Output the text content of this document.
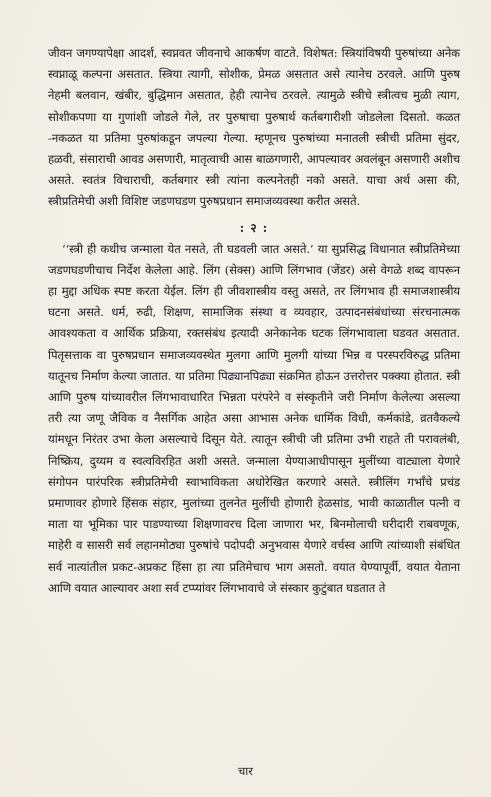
जीवन जगण्यापेक्षा आदर्श, स्वप्नवत जीवनाचे आकर्षण वाटते. विशेषत: स्त्रियांविषयी पुरुषांच्या अनेक स्वप्नाळू कल्पना असतात. स्त्रिया त्यागी, सोशीक, प्रेमळ असतात असे त्यानेच ठरवले. आणि पुरुष नेहमी बलवान, खंबीर, बुद्धिमान असतात, हेही त्यानेच ठरवले. त्यामुळे स्त्रीचे स्त्रीत्वच मुळी त्याग, सोशीकपणा या गुणांशी जोडले गेले, तर पुरुषाचा पुरुषार्थ कर्तबगारीशी जोडलेला दिसतो. कळत -नकळत या प्रतिमा पुरुषांकडून जपल्या गेल्या. म्हणूनच पुरुषांच्या मनातली स्त्रीची प्रतिमा सुंदर, हळवी, संसाराची आवड असणारी, मातृत्वाची आस बाळगणारी, आपल्यावर अवलंबून असणारी अशीच असते. स्वतंत्र विचाराची, कर्तबगार स्त्री त्यांना कल्पनेतही नको असते. याचा अर्थ असा की, स्त्रीप्रतिमेची अशी विशिष्ट जडणघडण पुरुषप्रधान समाजव्यवस्था करीत असते.

: २ :

‘‘स्त्री ही कधीच जन्माला येत नसते, ती घडवली जात असते.’ या सुप्रसिद्ध विधानात स्त्रीप्रतिमेच्या जडणघडणीचाच निर्देश केलेला आहे. लिंग (सेक्स) आणि लिंगभाव (जेंडर) असे वेगळे शब्द वापरून हा मुद्दा अधिक स्पष्ट करता येईल. लिंग ही जीवशास्त्रीय वस्तु असते, तर लिंगभाव ही समाजशास्त्रीय घटना असते. धर्म, रुढी, शिक्षण, सामाजिक संस्था व व्यवहार, उत्पादनसंबंधांच्या संरचनात्मक आवश्यकता व आर्थिक प्रक्रिया, रक्तसंबंध इत्यादी अनेकानेक घटक लिंगभावाला घडवत असतात. पितृसत्ताक वा पुरुषप्रधान समाजव्यवस्थेत मुलगा आणि मुलगी यांच्या भिन्न व परस्परविरुद्ध प्रतिमा यातूनच निर्माण केल्या जातात. या प्रतिमा पिढ्यानपिढ्या संक्रमित होऊन उत्तरोत्तर पक्क्या होतात. स्त्री आणि पुरुष यांच्यावरील लिंगभावाधारित भिन्नता परंपरेने व संस्कृतीने जरी निर्माण केलेल्या असल्या तरी त्या जणू जैविक व नैसर्गिक आहेत असा आभास अनेक धार्मिक विधी, कर्मकांडे, व्रतवैकल्ये यांमधून निरंतर उभा केला असल्याचे दिसून येते. त्यातून स्त्रीची जी प्रतिमा उभी राहते ती परावलंबी, निष्क्रिय, दुय्यम व स्वत्वविरहित अशी असते. जन्माला येण्याआधीपासून मुलींच्या वाट्याला येणारे संगोपन पारंपरिक स्त्रीप्रतिमेची स्वाभाविकता अधोरेखित करणारे असते. स्त्रीलिंग गर्भांचे प्रचंड प्रमाणावर होणारे हिंसक संहार, मुलांच्या तुलनेत मुलींची होणारी हेळसांड, भावी काळातील पत्नी व माता या भूमिका पार पाडण्याच्या शिक्षणावरच दिला जाणारा भर, बिनमोलाची घरीदारी राबवणूक, माहेरी व सासरी सर्व लहानमोठ्या पुरुषांचे पदोपदी अनुभवास येणारे वर्चस्व आणि त्यांच्याशी संबंधित सर्व नात्यांतील प्रकट-अप्रकट हिंसा हा त्या प्रतिमेचाच भाग असतो. वयात येण्यापूर्वी, वयात येताना आणि वयात आल्यावर अशा सर्व टप्प्यांवर लिंगभावाचे जे संस्कार कुटुंबात घडतात ते

चार
